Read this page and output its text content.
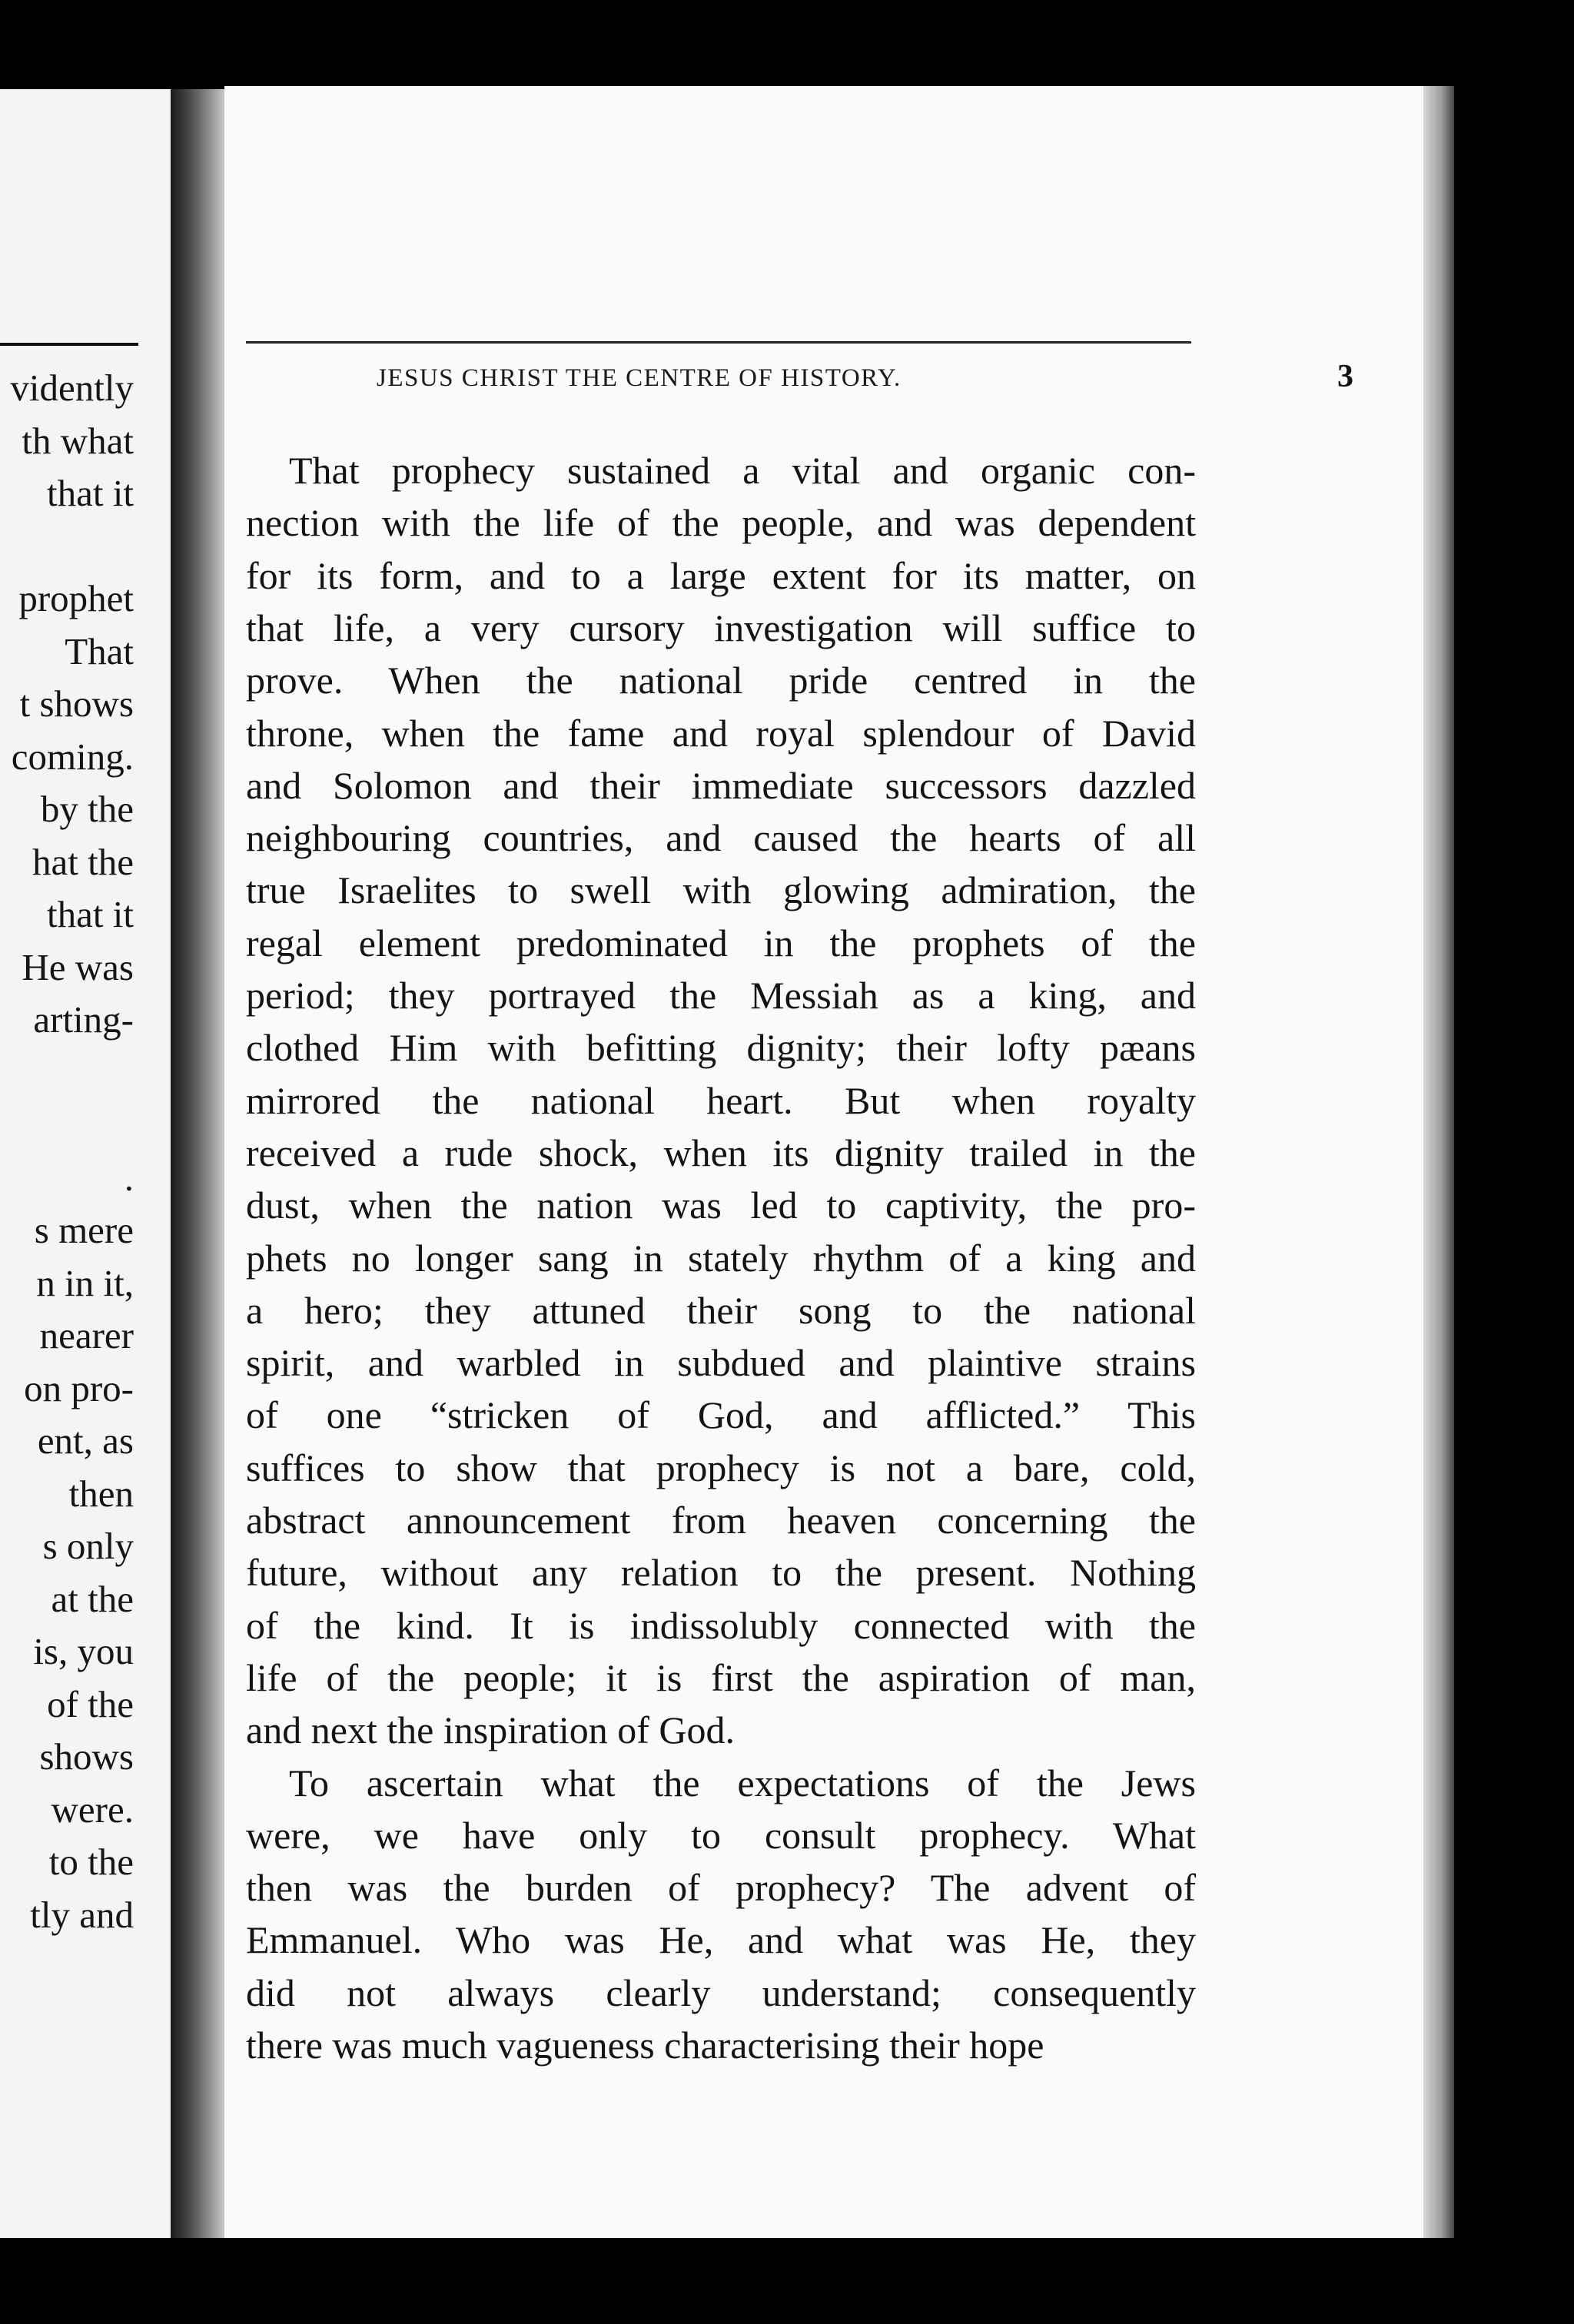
vidently
th what
that it
prophet
That
t shows
coming.
by the
hat the
that it
He was
arting-
.
s mere
n in it,
nearer
on pro-
ent, as
then
s only
at the
is, you
of the
shows
were.
to the
tly and
JESUS CHRIST THE CENTRE OF HISTORY.	3
That prophecy sustained a vital and organic con-
nection with the life of the people, and was dependent
for its form, and to a large extent for its matter, on
that life, a very cursory investigation will suffice to
prove. When the national pride centred in the
throne, when the fame and royal splendour of David
and Solomon and their immediate successors dazzled
neighbouring countries, and caused the hearts of all
true Israelites to swell with glowing admiration, the
regal element predominated in the prophets of the
period; they portrayed the Messiah as a king, and
clothed Him with befitting dignity; their lofty pæans
mirrored the national heart. But when royalty
received a rude shock, when its dignity trailed in the
dust, when the nation was led to captivity, the pro-
phets no longer sang in stately rhythm of a king and
a hero; they attuned their song to the national
spirit, and warbled in subdued and plaintive strains
of one “stricken of God, and afflicted.” This
suffices to show that prophecy is not a bare, cold,
abstract announcement from heaven concerning the
future, without any relation to the present. Nothing
of the kind. It is indissolubly connected with the
life of the people; it is first the aspiration of man,
and next the inspiration of God.
To ascertain what the expectations of the Jews
were, we have only to consult prophecy. What
then was the burden of prophecy? The advent of
Emmanuel. Who was He, and what was He, they
did not always clearly understand; consequently
there was much vagueness characterising their hope
